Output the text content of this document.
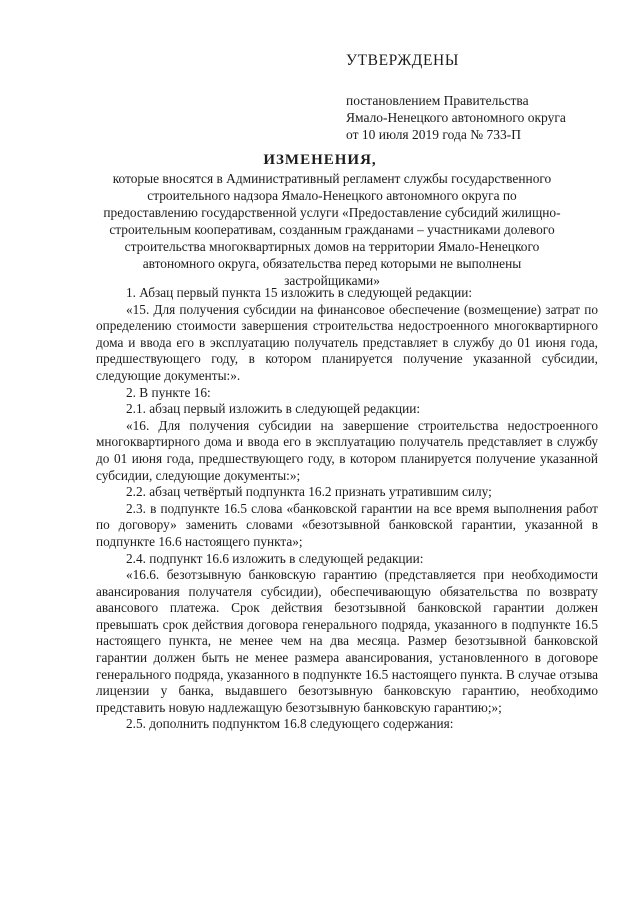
УТВЕРЖДЕНЫ
постановлением Правительства
Ямало-Ненецкого автономного округа
от 10 июля 2019 года № 733-П
ИЗМЕНЕНИЯ,
которые вносятся в Административный регламент службы государственного
строительного надзора Ямало-Ненецкого автономного округа по
предоставлению государственной услуги «Предоставление субсидий жилищно-
строительным кооперативам, созданным гражданами – участниками долевого
строительства многоквартирных домов на территории Ямало-Ненецкого
автономного округа, обязательства перед которыми не выполнены
застройщиками»

1. Абзац первый пункта 15 изложить в следующей редакции:

«15. Для получения субсидии на финансовое обеспечение (возмещение) затрат по определению стоимости завершения строительства недостроенного многоквартирного дома и ввода его в эксплуатацию получатель представляет в службу до 01 июня года, предшествующего году, в котором планируется получение указанной субсидии, следующие документы:».

2. В пункте 16:

2.1. абзац первый изложить в следующей редакции:

«16. Для получения субсидии на завершение строительства недостроенного многоквартирного дома и ввода его в эксплуатацию получатель представляет в службу до 01 июня года, предшествующего году, в котором планируется получение указанной субсидии, следующие документы:»;

2.2. абзац четвёртый подпункта 16.2 признать утратившим силу;

2.3. в подпункте 16.5 слова «банковской гарантии на все время выполнения работ по договору» заменить словами «безотзывной банковской гарантии, указанной в подпункте 16.6 настоящего пункта»;

2.4. подпункт 16.6 изложить в следующей редакции:

«16.6. безотзывную банковскую гарантию (представляется при необходимости авансирования получателя субсидии), обеспечивающую обязательства по возврату авансового платежа. Срок действия безотзывной банковской гарантии должен превышать срок действия договора генерального подряда, указанного в подпункте 16.5 настоящего пункта, не менее чем на два месяца. Размер безотзывной банковской гарантии должен быть не менее размера авансирования, установленного в договоре генерального подряда, указанного в подпункте 16.5 настоящего пункта. В случае отзыва лицензии у банка, выдавшего безотзывную банковскую гарантию, необходимо представить новую надлежащую безотзывную банковскую гарантию;»;

2.5. дополнить подпунктом 16.8 следующего содержания:
